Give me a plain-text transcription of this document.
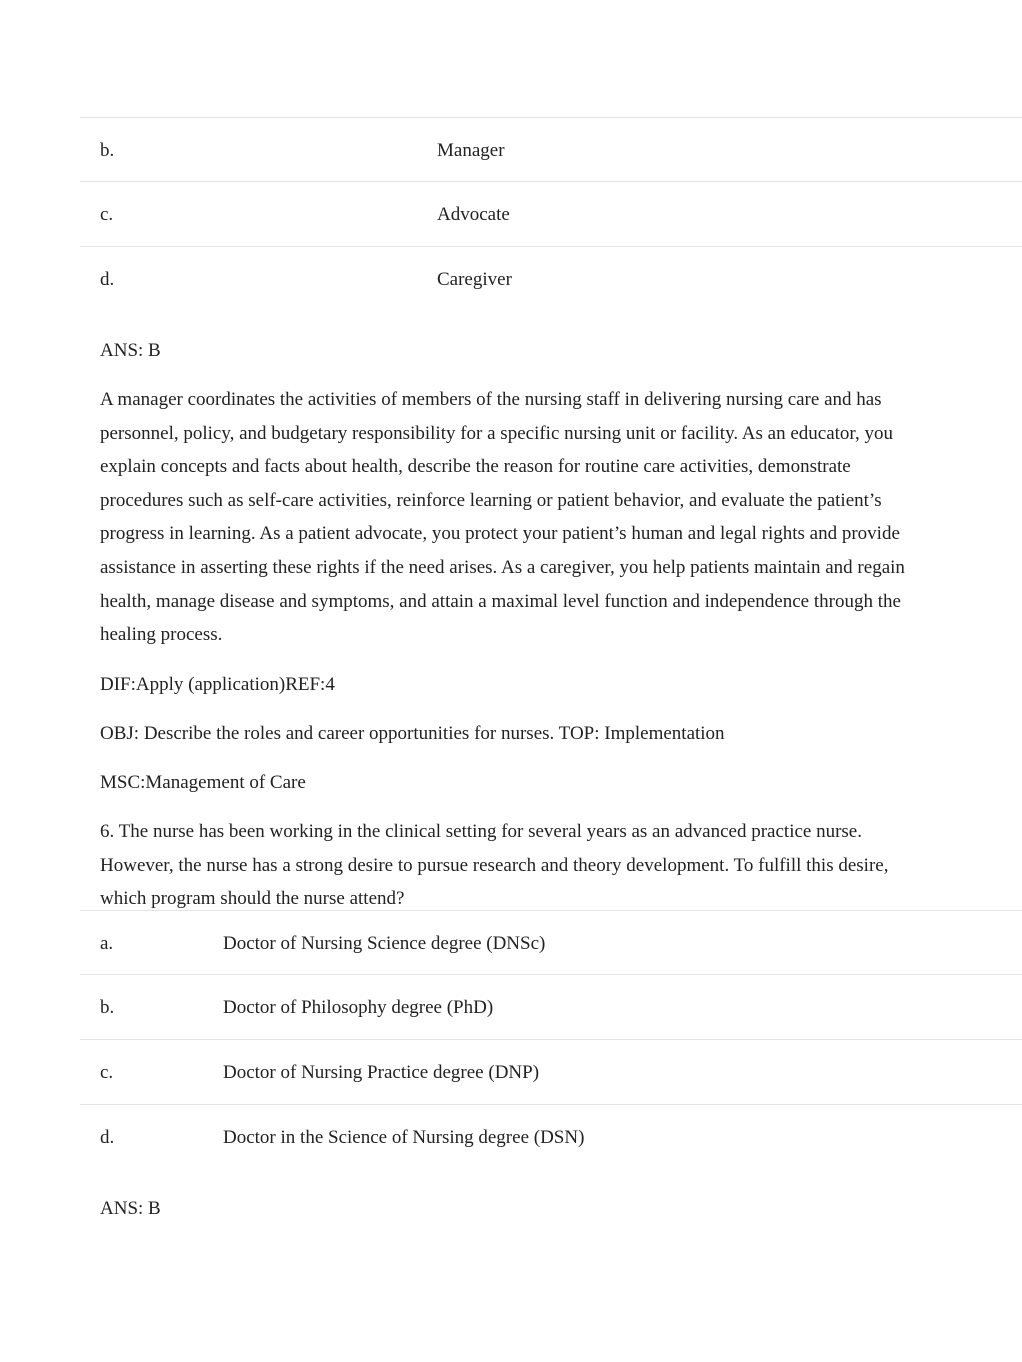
b.	Manager
c.	Advocate
d.	Caregiver

ANS: B

A manager coordinates the activities of members of the nursing staff in delivering nursing care and has personnel, policy, and budgetary responsibility for a specific nursing unit or facility. As an educator, you explain concepts and facts about health, describe the reason for routine care activities, demonstrate procedures such as self-care activities, reinforce learning or patient behavior, and evaluate the patient’s progress in learning. As a patient advocate, you protect your patient’s human and legal rights and provide assistance in asserting these rights if the need arises. As a caregiver, you help patients maintain and regain health, manage disease and symptoms, and attain a maximal level function and independence through the healing process.

DIF:Apply (application)REF:4

OBJ: Describe the roles and career opportunities for nurses. TOP: Implementation

MSC:Management of Care

6. The nurse has been working in the clinical setting for several years as an advanced practice nurse. However, the nurse has a strong desire to pursue research and theory development. To fulfill this desire, which program should the nurse attend?

a.	Doctor of Nursing Science degree (DNSc)
b.	Doctor of Philosophy degree (PhD)
c.	Doctor of Nursing Practice degree (DNP)
d.	Doctor in the Science of Nursing degree (DSN)

ANS: B
